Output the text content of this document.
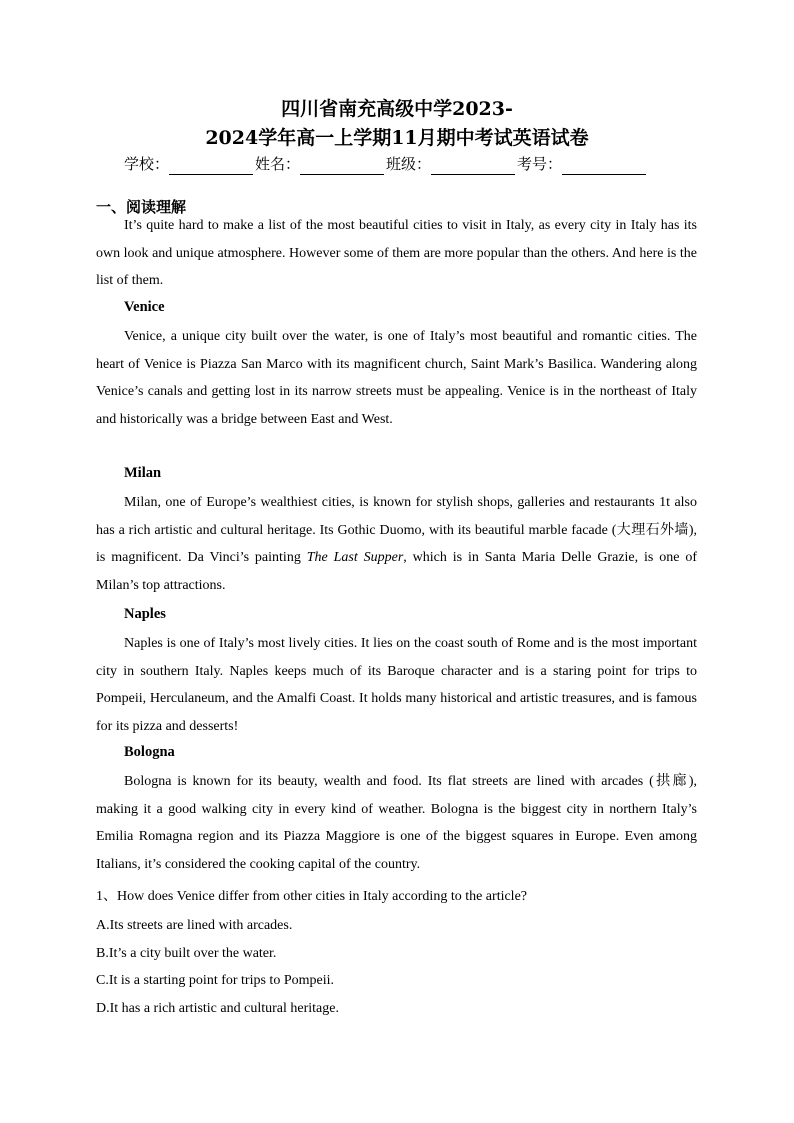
四川省南充高级中学2023-
2024学年高一上学期11月期中考试英语试卷
学校：	姓名：	班级：	考号：
一、阅读理解

It’s quite hard to make a list of the most beautiful cities to visit in Italy, as every city in Italy has its own look and unique atmosphere. However some of them are more popular than the others. And here is the list of them.

Venice

Venice, a unique city built over the water, is one of Italy’s most beautiful and romantic cities. The heart of Venice is Piazza San Marco with its magnificent church, Saint Mark’s Basilica. Wandering along Venice’s canals and getting lost in its narrow streets must be appealing. Venice is in the northeast of Italy and historically was a bridge between East and West.

Milan

Milan, one of Europe’s wealthiest cities, is known for stylish shops, galleries and restaurants 1t also has a rich artistic and cultural heritage. Its Gothic Duomo, with its beautiful marble facade (大理石外墙), is magnificent. Da Vinci’s painting The Last Supper, which is in Santa Maria Delle Grazie, is one of Milan’s top attractions.

Naples

Naples is one of Italy’s most lively cities. It lies on the coast south of Rome and is the most important city in southern Italy. Naples keeps much of its Baroque character and is a staring point for trips to Pompeii, Herculaneum, and the Amalfi Coast. It holds many historical and artistic treasures, and is famous for its pizza and desserts!

Bologna

Bologna is known for its beauty, wealth and food. Its flat streets are lined with arcades (拱廊), making it a good walking city in every kind of weather. Bologna is the biggest city in northern Italy’s Emilia Romagna region and its Piazza Maggiore is one of the biggest squares in Europe. Even among Italians, it’s considered the cooking capital of the country.

1、How does Venice differ from other cities in Italy according to the article?
A.Its streets are lined with arcades.
B.It’s a city built over the water.
C.It is a starting point for trips to Pompeii.
D.It has a rich artistic and cultural heritage.
